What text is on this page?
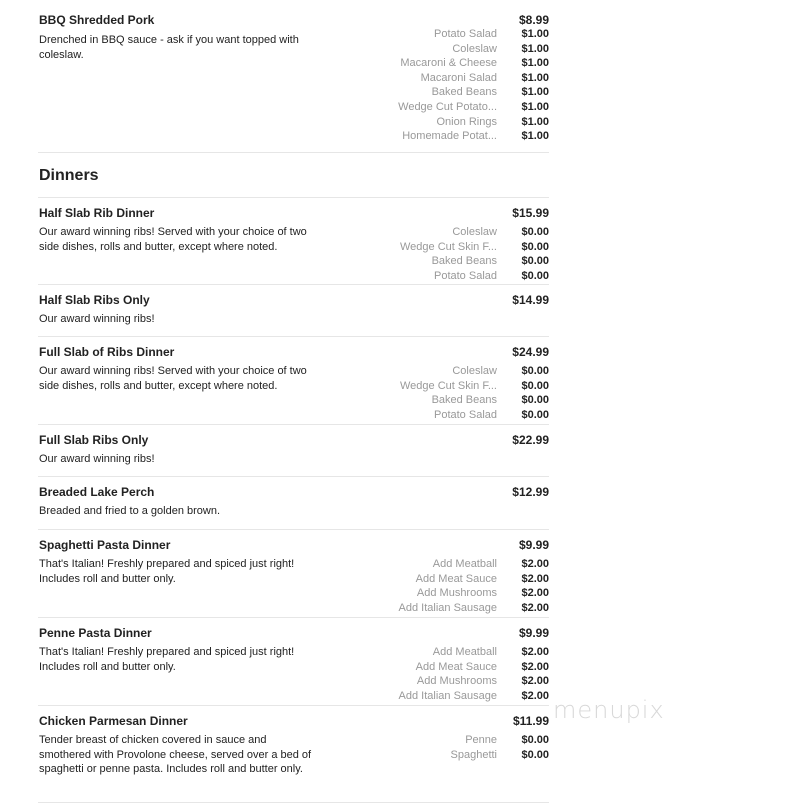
BBQ Shredded Pork
Drenched in BBQ sauce - ask if you want topped with coleslaw.
$8.99
Potato Salad $1.00
Coleslaw $1.00
Macaroni & Cheese $1.00
Macaroni Salad $1.00
Baked Beans $1.00
Wedge Cut Potato... $1.00
Onion Rings $1.00
Homemade Potat... $1.00
Dinners
Half Slab Rib Dinner
Our award winning ribs! Served with your choice of two side dishes, rolls and butter, except where noted.
$15.99
Coleslaw $0.00
Wedge Cut Skin F... $0.00
Baked Beans $0.00
Potato Salad $0.00
Half Slab Ribs Only
Our award winning ribs!
$14.99
Full Slab of Ribs Dinner
Our award winning ribs! Served with your choice of two side dishes, rolls and butter, except where noted.
$24.99
Coleslaw $0.00
Wedge Cut Skin F... $0.00
Baked Beans $0.00
Potato Salad $0.00
Full Slab Ribs Only
Our award winning ribs!
$22.99
Breaded Lake Perch
Breaded and fried to a golden brown.
$12.99
Spaghetti Pasta Dinner
That's Italian! Freshly prepared and spiced just right! Includes roll and butter only.
$9.99
Add Meatball $2.00
Add Meat Sauce $2.00
Add Mushrooms $2.00
Add Italian Sausage $2.00
Penne Pasta Dinner
That's Italian! Freshly prepared and spiced just right! Includes roll and butter only.
$9.99
Add Meatball $2.00
Add Meat Sauce $2.00
Add Mushrooms $2.00
Add Italian Sausage $2.00
Chicken Parmesan Dinner
Tender breast of chicken covered in sauce and smothered with Provolone cheese, served over a bed of spaghetti or penne pasta. Includes roll and butter only.
$11.99
Penne $0.00
Spaghetti $0.00
menupix
